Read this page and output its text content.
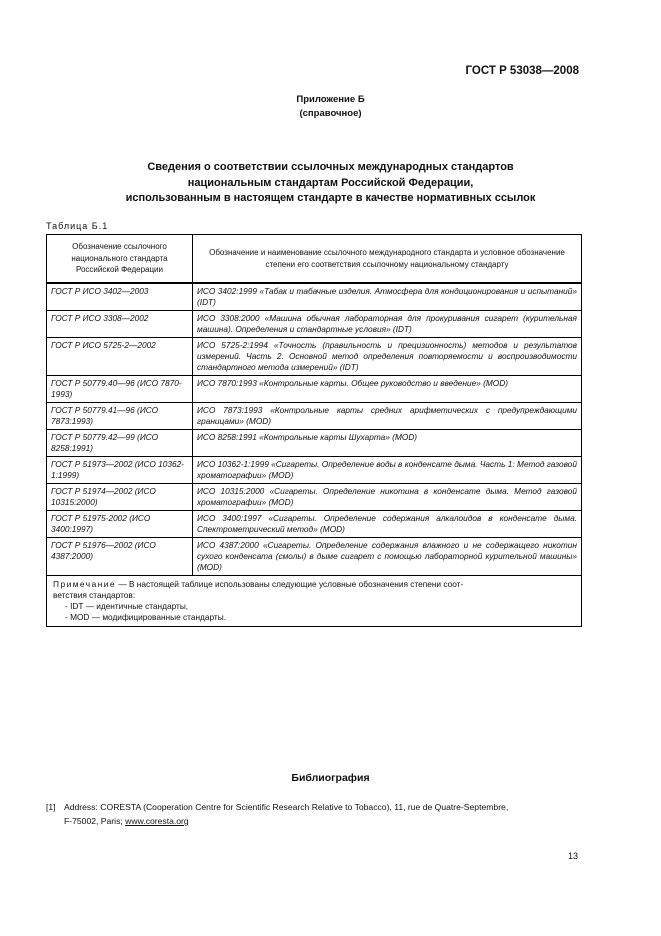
ГОСТ Р 53038—2008
Приложение Б
(справочное)
Сведения о соответствии ссылочных международных стандартов
национальным стандартам Российской Федерации,
использованным в настоящем стандарте в качестве нормативных ссылок
Таблица Б.1
Обозначение ссылочного национального стандарта Российской Федерации	Обозначение и наименование ссылочного международного стандарта и условное обозначение степени его соответствия ссылочному национальному стандарту

ГОСТ Р ИСО 3402—2003	ИСО 3402:1999 «Табак и табачные изделия. Атмосфера для кондиционирования и испытаний» (IDT)
ГОСТ Р ИСО 3308—2002	ИСО 3308:2000 «Машина обычная лабораторная для прокуривания сигарет (курительная машина). Определения и стандартные условия» (IDT)
ГОСТ Р ИСО 5725-2—2002	ИСО 5725-2:1994 «Точность (правильность и прецизионность) методов и результатов измерений. Часть 2. Основной метод определения повторяемости и воспроизводимости стандартного метода измерений» (IDT)
ГОСТ Р 50779.40—96 (ИСО 7870-1993)	ИСО 7870:1993 «Контрольные карты. Общее руководство и введение» (MOD)
ГОСТ Р 50779.41—96 (ИСО 7873:1993)	ИСО 7873:1993 «Контрольные карты средних арифметических с предупреждающими границами» (MOD)
ГОСТ Р 50779.42—99 (ИСО 8258:1991)	ИСО 8258:1991 «Контрольные карты Шухарта» (MOD)
ГОСТ Р 51973—2002 (ИСО 10362-1:1999)	ИСО 10362-1:1999 «Сигареты. Определение воды в конденсате дыма. Часть 1: Метод газовой хроматографии» (MOD)
ГОСТ Р 51974—2002 (ИСО 10315:2000)	ИСО 10315:2000 «Сигареты. Определение никотина в конденсате дыма. Метод газовой хроматографии» (MOD)
ГОСТ Р 51975-2002 (ИСО 3400:1997)	ИСО 3400:1997 «Сигареты. Определение содержания алкалоидов в конденсате дыма. Спектрометрический метод» (MOD)
ГОСТ Р 51976—2002 (ИСО 4387:2000)	ИСО 4387:2000 «Сигареты. Определение содержания влажного и не содержащего никотин сухого конденсата (смолы) в дыме сигарет с помощью лабораторной курительной машины» (MOD)

Примечание — В настоящей таблице использованы следующие условные обозначения степени соот-
ветствия стандартов:
- IDT — идентичные стандарты,
- MOD — модифицированные стандарты.	
Библиография
[1] Address: CORESTA (Cooperation Centre for Scientific Research Relative to Tobacco), 11, rue de Quatre-Septembre,
F-75002, Paris; www.coresta.org
13
